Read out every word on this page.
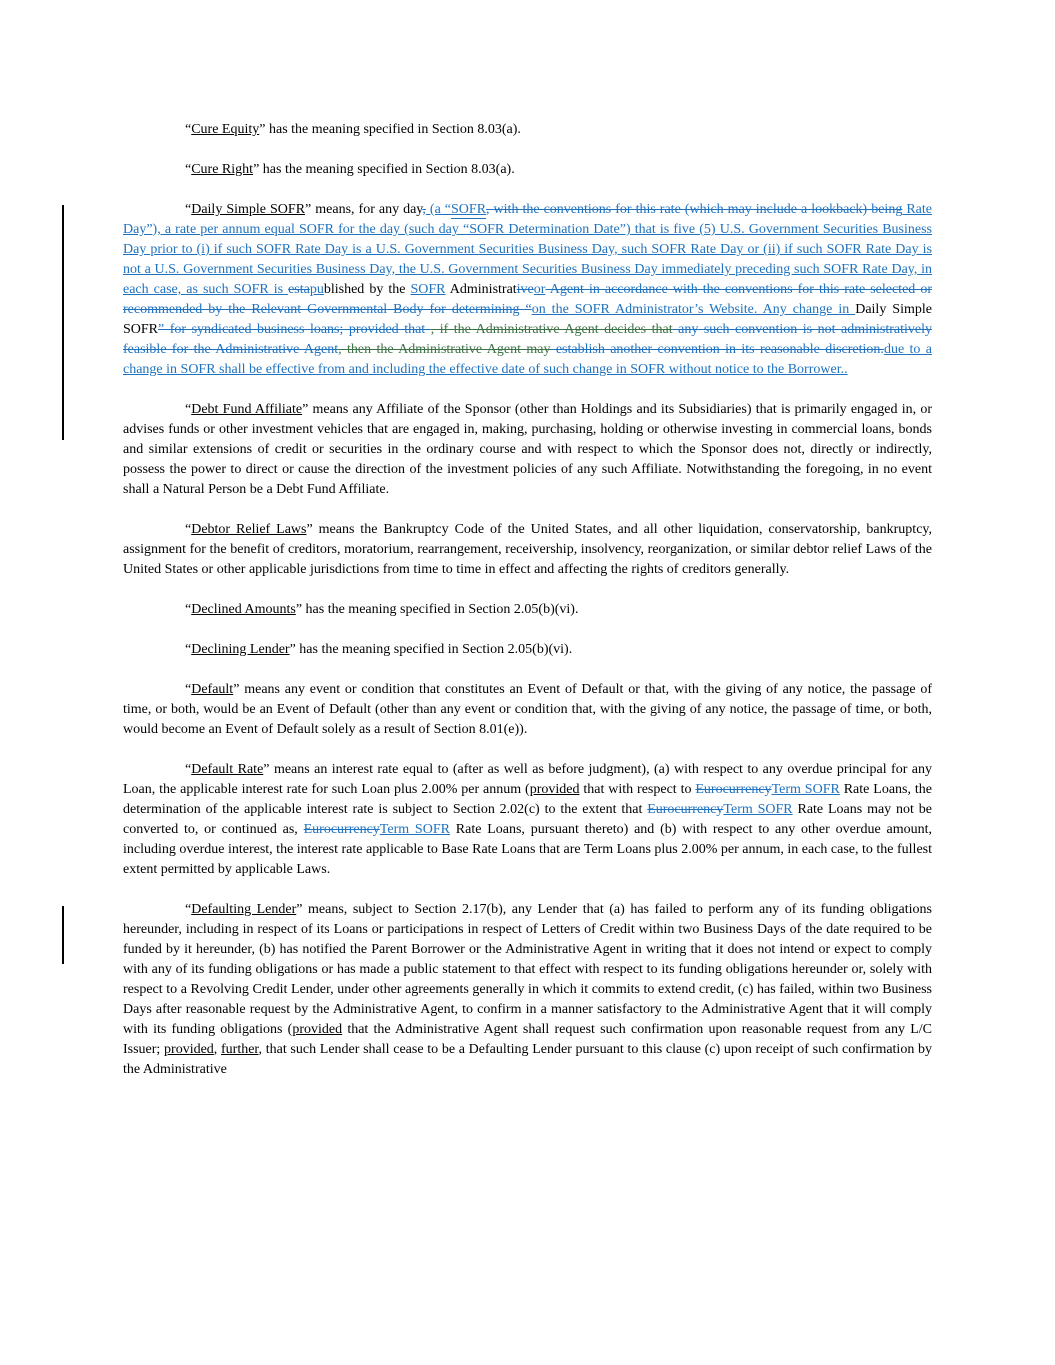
“Cure Equity” has the meaning specified in Section 8.03(a).

“Cure Right” has the meaning specified in Section 8.03(a).

“Daily Simple SOFR” means, for any day, (a “SOFR, with the conventions for this rate (which may include a lookback) being Rate Day”), a rate per annum equal SOFR for the day (such day “SOFR Determination Date”) that is five (5) U.S. Government Securities Business Day prior to (i) if such SOFR Rate Day is a U.S. Government Securities Business Day, such SOFR Rate Day or (ii) if such SOFR Rate Day is not a U.S. Government Securities Business Day, the U.S. Government Securities Business Day immediately preceding such SOFR Rate Day, in each case, as such SOFR is estapublished by the SOFR Administrativeor Agent in accordance with the conventions for this rate selected or recommended by the Relevant Governmental Body for determining “on the SOFR Administrator’s Website. Any change in Daily Simple SOFR” for syndicated business loans; provided that , if the Administrative Agent decides that any such convention is not administratively feasible for the Administrative Agent, then the Administrative Agent may establish another convention in its reasonable discretion.due to a change in SOFR shall be effective from and including the effective date of such change in SOFR without notice to the Borrower..

“Debt Fund Affiliate” means any Affiliate of the Sponsor (other than Holdings and its Subsidiaries) that is primarily engaged in, or advises funds or other investment vehicles that are engaged in, making, purchasing, holding or otherwise investing in commercial loans, bonds and similar extensions of credit or securities in the ordinary course and with respect to which the Sponsor does not, directly or indirectly, possess the power to direct or cause the direction of the investment policies of any such Affiliate. Notwithstanding the foregoing, in no event shall a Natural Person be a Debt Fund Affiliate.

“Debtor Relief Laws” means the Bankruptcy Code of the United States, and all other liquidation, conservatorship, bankruptcy, assignment for the benefit of creditors, moratorium, rearrangement, receivership, insolvency, reorganization, or similar debtor relief Laws of the United States or other applicable jurisdictions from time to time in effect and affecting the rights of creditors generally.

“Declined Amounts” has the meaning specified in Section 2.05(b)(vi).

“Declining Lender” has the meaning specified in Section 2.05(b)(vi).

“Default” means any event or condition that constitutes an Event of Default or that, with the giving of any notice, the passage of time, or both, would be an Event of Default (other than any event or condition that, with the giving of any notice, the passage of time, or both, would become an Event of Default solely as a result of Section 8.01(e)).

“Default Rate” means an interest rate equal to (after as well as before judgment), (a) with respect to any overdue principal for any Loan, the applicable interest rate for such Loan plus 2.00% per annum (provided that with respect to EurocurrencyTerm SOFR Rate Loans, the determination of the applicable interest rate is subject to Section 2.02(c) to the extent that EurocurrencyTerm SOFR Rate Loans may not be converted to, or continued as, EurocurrencyTerm SOFR Rate Loans, pursuant thereto) and (b) with respect to any other overdue amount, including overdue interest, the interest rate applicable to Base Rate Loans that are Term Loans plus 2.00% per annum, in each case, to the fullest extent permitted by applicable Laws.

“Defaulting Lender” means, subject to Section 2.17(b), any Lender that (a) has failed to perform any of its funding obligations hereunder, including in respect of its Loans or participations in respect of Letters of Credit within two Business Days of the date required to be funded by it hereunder, (b) has notified the Parent Borrower or the Administrative Agent in writing that it does not intend or expect to comply with any of its funding obligations or has made a public statement to that effect with respect to its funding obligations hereunder or, solely with respect to a Revolving Credit Lender, under other agreements generally in which it commits to extend credit, (c) has failed, within two Business Days after reasonable request by the Administrative Agent, to confirm in a manner satisfactory to the Administrative Agent that it will comply with its funding obligations (provided that the Administrative Agent shall request such confirmation upon reasonable request from any L/C Issuer; provided, further, that such Lender shall cease to be a Defaulting Lender pursuant to this clause (c) upon receipt of such confirmation by the Administrative
